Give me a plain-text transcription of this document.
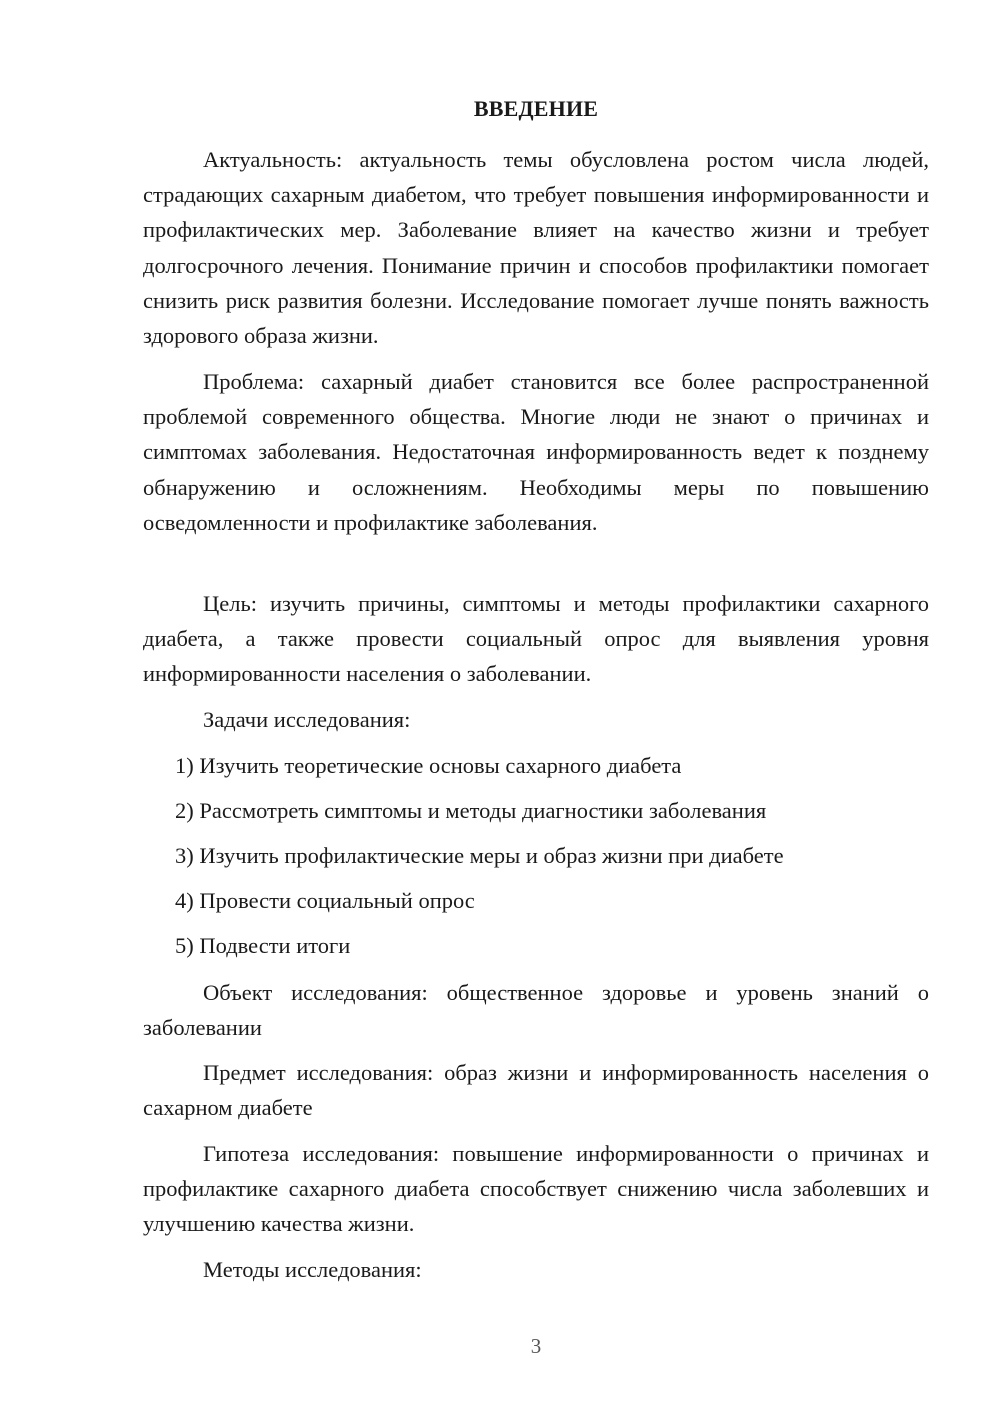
ВВЕДЕНИЕ

Актуальность: актуальность темы обусловлена ростом числа людей, страдающих сахарным диабетом, что требует повышения информированности и профилактических мер. Заболевание влияет на качество жизни и требует долгосрочного лечения. Понимание причин и способов профилактики помогает снизить риск развития болезни. Исследование помогает лучше понять важность здорового образа жизни.

Проблема: сахарный диабет становится все более распространенной проблемой современного общества. Многие люди не знают о причинах и симптомах заболевания. Недостаточная информированность ведет к позднему обнаружению и осложнениям. Необходимы меры по повышению осведомленности и профилактике заболевания.

Цель: изучить причины, симптомы и методы профилактики сахарного диабета, а также провести социальный опрос для выявления уровня информированности населения о заболевании.

Задачи исследования:

1) Изучить теоретические основы сахарного диабета
2) Рассмотреть симптомы и методы диагностики заболевания
3) Изучить профилактические меры и образ жизни при диабете
4) Провести социальный опрос
5) Подвести итоги

Объект исследования: общественное здоровье и уровень знаний о заболевании

Предмет исследования: образ жизни и информированность населения о сахарном диабете

Гипотеза исследования: повышение информированности о причинах и профилактике сахарного диабета способствует снижению числа заболевших и улучшению качества жизни.

Методы исследования:

3
